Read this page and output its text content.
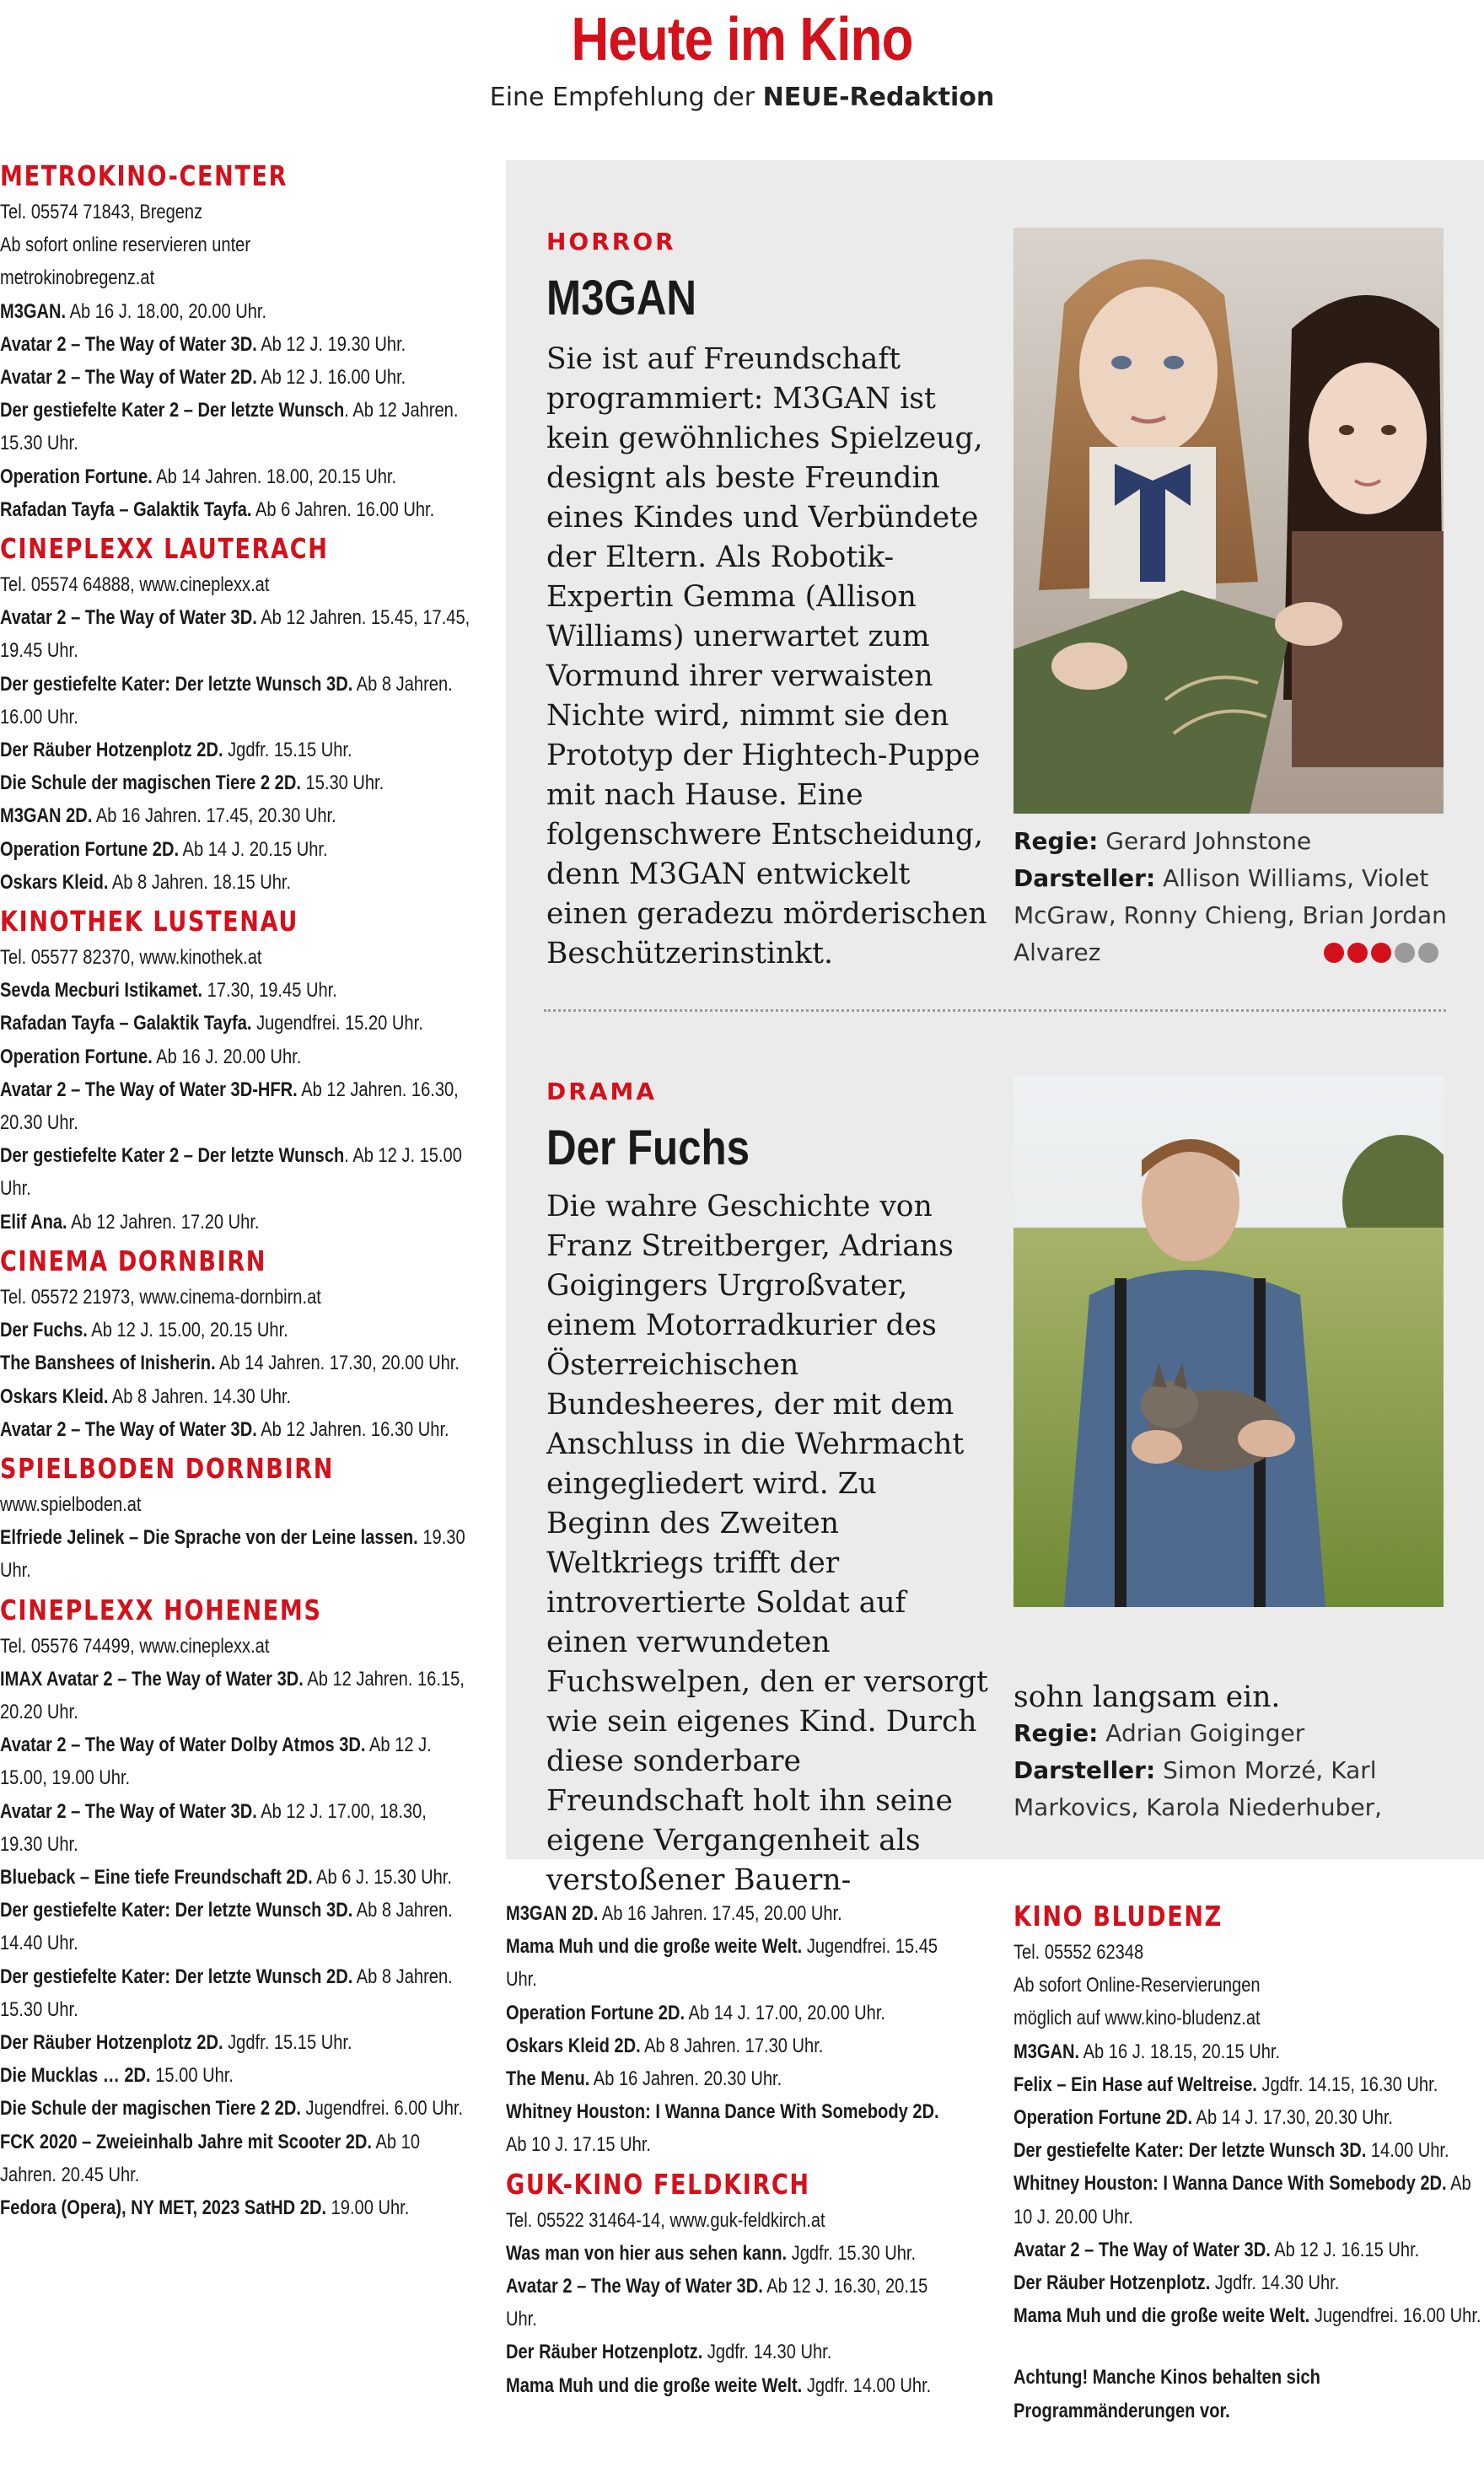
Heute im Kino
Eine Empfehlung der NEUE-Redaktion
METROKINO-CENTER
Tel. 05574 71843, Bregenz
Ab sofort online reservieren unter
metrokinobregenz.at
M3GAN. Ab 16 J. 18.00, 20.00 Uhr.
Avatar 2 – The Way of Water 3D. Ab 12 J. 19.30 Uhr.
Avatar 2 – The Way of Water 2D. Ab 12 J. 16.00 Uhr.
Der gestiefelte Kater 2 – Der letzte Wunsch. Ab 12 Jahren. 15.30 Uhr.
Operation Fortune. Ab 14 Jahren. 18.00, 20.15 Uhr.
Rafadan Tayfa – Galaktik Tayfa. Ab 6 Jahren. 16.00 Uhr.
CINEPLEXX LAUTERACH
Tel. 05574 64888, www.cineplexx.at
Avatar 2 – The Way of Water 3D. Ab 12 Jahren. 15.45, 17.45, 19.45 Uhr.
Der gestiefelte Kater: Der letzte Wunsch 3D. Ab 8 Jahren. 16.00 Uhr.
Der Räuber Hotzenplotz 2D. Jgdfr. 15.15 Uhr.
Die Schule der magischen Tiere 2 2D. 15.30 Uhr.
M3GAN 2D. Ab 16 Jahren. 17.45, 20.30 Uhr.
Operation Fortune 2D. Ab 14 J. 20.15 Uhr.
Oskars Kleid. Ab 8 Jahren. 18.15 Uhr.
KINOTHEK LUSTENAU
Tel. 05577 82370, www.kinothek.at
Sevda Mecburi Istikamet. 17.30, 19.45 Uhr.
Rafadan Tayfa – Galaktik Tayfa. Jugendfrei. 15.20 Uhr.
Operation Fortune. Ab 16 J. 20.00 Uhr.
Avatar 2 – The Way of Water 3D-HFR. Ab 12 Jahren. 16.30, 20.30 Uhr.
Der gestiefelte Kater 2 – Der letzte Wunsch. Ab 12 J. 15.00 Uhr.
Elif Ana. Ab 12 Jahren. 17.20 Uhr.
CINEMA DORNBIRN
Tel. 05572 21973, www.cinema-dornbirn.at
Der Fuchs. Ab 12 J. 15.00, 20.15 Uhr.
The Banshees of Inisherin. Ab 14 Jahren. 17.30, 20.00 Uhr.
Oskars Kleid. Ab 8 Jahren. 14.30 Uhr.
Avatar 2 – The Way of Water 3D. Ab 12 Jahren. 16.30 Uhr.
SPIELBODEN DORNBIRN
www.spielboden.at
Elfriede Jelinek – Die Sprache von der Leine lassen. 19.30 Uhr.
CINEPLEXX HOHENEMS
Tel. 05576 74499, www.cineplexx.at
IMAX Avatar 2 – The Way of Water 3D. Ab 12 Jahren. 16.15, 20.20 Uhr.
Avatar 2 – The Way of Water Dolby Atmos 3D. Ab 12 J. 15.00, 19.00 Uhr.
Avatar 2 – The Way of Water 3D. Ab 12 J. 17.00, 18.30, 19.30 Uhr.
Blueback – Eine tiefe Freundschaft 2D. Ab 6 J. 15.30 Uhr.
Der gestiefelte Kater: Der letzte Wunsch 3D. Ab 8 Jahren. 14.40 Uhr.
Der gestiefelte Kater: Der letzte Wunsch 2D. Ab 8 Jahren. 15.30 Uhr.
Der Räuber Hotzenplotz 2D. Jgdfr. 15.15 Uhr.
Die Mucklas … 2D. 15.00 Uhr.
Die Schule der magischen Tiere 2 2D. Jugendfrei. 6.00 Uhr.
FCK 2020 – Zweieinhalb Jahre mit Scooter 2D. Ab 10 Jahren. 20.45 Uhr.
Fedora (Opera), NY MET, 2023 SatHD 2D. 19.00 Uhr.
HORROR
M3GAN
Sie ist auf Freundschaft programmiert: M3GAN ist kein gewöhnliches Spielzeug, designt als beste Freundin eines Kindes und Verbündete der Eltern. Als Robotik-Expertin Gemma (Allison Williams) unerwartet zum Vormund ihrer verwaisten Nichte wird, nimmt sie den Prototyp der Hightech-Puppe mit nach Hause. Eine folgenschwere Entscheidung, denn M3GAN entwickelt einen geradezu mörderischen Beschützerinstinkt.
Regie: Gerard Johnstone
Darsteller: Allison Williams, Violet McGraw, Ronny Chieng, Brian Jordan Alvarez
DRAMA
Der Fuchs
Die wahre Geschichte von Franz Streitberger, Adrians Goigingers Urgroßvater, einem Motorradkurier des Österreichischen Bundesheeres, der mit dem Anschluss in die Wehrmacht eingegliedert wird. Zu Beginn des Zweiten Weltkriegs trifft der introvertierte Soldat auf einen verwundeten Fuchswelpen, den er versorgt wie sein eigenes Kind. Durch diese sonderbare Freundschaft holt ihn seine eigene Vergangenheit als verstoßener Bauern-
sohn langsam ein.
Regie: Adrian Goiginger
Darsteller: Simon Morzé, Karl Markovics, Karola Niederhuber,
M3GAN 2D. Ab 16 Jahren. 17.45, 20.00 Uhr.
Mama Muh und die große weite Welt. Jugendfrei. 15.45 Uhr.
Operation Fortune 2D. Ab 14 J. 17.00, 20.00 Uhr.
Oskars Kleid 2D. Ab 8 Jahren. 17.30 Uhr.
The Menu. Ab 16 Jahren. 20.30 Uhr.
Whitney Houston: I Wanna Dance With Somebody 2D. Ab 10 J. 17.15 Uhr.
GUK-KINO FELDKIRCH
Tel. 05522 31464-14, www.guk-feldkirch.at
Was man von hier aus sehen kann. Jgdfr. 15.30 Uhr.
Avatar 2 – The Way of Water 3D. Ab 12 J. 16.30, 20.15 Uhr.
Der Räuber Hotzenplotz. Jgdfr. 14.30 Uhr.
Mama Muh und die große weite Welt. Jgdfr. 14.00 Uhr.
KINO BLUDENZ
Tel. 05552 62348
Ab sofort Online-Reservierungen
möglich auf www.kino-bludenz.at
M3GAN. Ab 16 J. 18.15, 20.15 Uhr.
Felix – Ein Hase auf Weltreise. Jgdfr. 14.15, 16.30 Uhr.
Operation Fortune 2D. Ab 14 J. 17.30, 20.30 Uhr.
Der gestiefelte Kater: Der letzte Wunsch 3D. 14.00 Uhr.
Whitney Houston: I Wanna Dance With Somebody 2D. Ab 10 J. 20.00 Uhr.
Avatar 2 – The Way of Water 3D. Ab 12 J. 16.15 Uhr.
Der Räuber Hotzenplotz. Jgdfr. 14.30 Uhr.
Mama Muh und die große weite Welt. Jugendfrei. 16.00 Uhr.
Achtung! Manche Kinos behalten sich Programmänderungen vor.
